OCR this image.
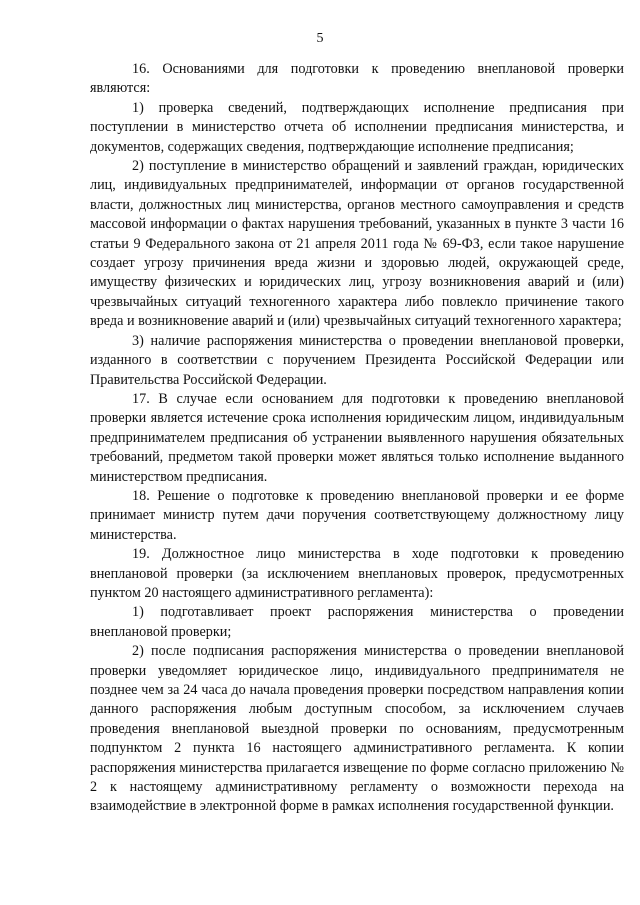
5

16. Основаниями для подготовки к проведению внеплановой проверки являются:

1) проверка сведений, подтверждающих исполнение предписания при поступлении в министерство отчета об исполнении предписания министерства, и документов, содержащих сведения, подтверждающие исполнение предписания;

2) поступление в министерство обращений и заявлений граждан, юридических лиц, индивидуальных предпринимателей, информации от органов государственной власти, должностных лиц министерства, органов местного самоуправления и средств массовой информации о фактах нарушения требований, указанных в пункте 3 части 16 статьи 9 Федерального закона от 21 апреля 2011 года № 69-ФЗ, если такое нарушение создает угрозу причинения вреда жизни и здоровью людей, окружающей среде, имуществу физических и юридических лиц, угрозу возникновения аварий и (или) чрезвычайных ситуаций техногенного характера либо повлекло причинение такого вреда и возникновение аварий и (или) чрезвычайных ситуаций техногенного характера;

3) наличие распоряжения министерства о проведении внеплановой проверки, изданного в соответствии с поручением Президента Российской Федерации или Правительства Российской Федерации.

17. В случае если основанием для подготовки к проведению внеплановой проверки является истечение срока исполнения юридическим лицом, индивидуальным предпринимателем предписания об устранении выявленного нарушения обязательных требований, предметом такой проверки может являться только исполнение выданного министерством предписания.

18. Решение о подготовке к проведению внеплановой проверки и ее форме принимает министр путем дачи поручения соответствующему должностному лицу министерства.

19. Должностное лицо министерства в ходе подготовки к проведению внеплановой проверки (за исключением внеплановых проверок, предусмотренных пунктом 20 настоящего административного регламента):

1) подготавливает проект распоряжения министерства о проведении внеплановой проверки;

2) после подписания распоряжения министерства о проведении внеплановой проверки уведомляет юридическое лицо, индивидуального предпринимателя не позднее чем за 24 часа до начала проведения проверки посредством направления копии данного распоряжения любым доступным способом, за исключением случаев проведения внеплановой выездной проверки по основаниям, предусмотренным подпунктом 2 пункта 16 настоящего административного регламента. К копии распоряжения министерства прилагается извещение по форме согласно приложению № 2 к настоящему административному регламенту о возможности перехода на взаимодействие в электронной форме в рамках исполнения государственной функции.
